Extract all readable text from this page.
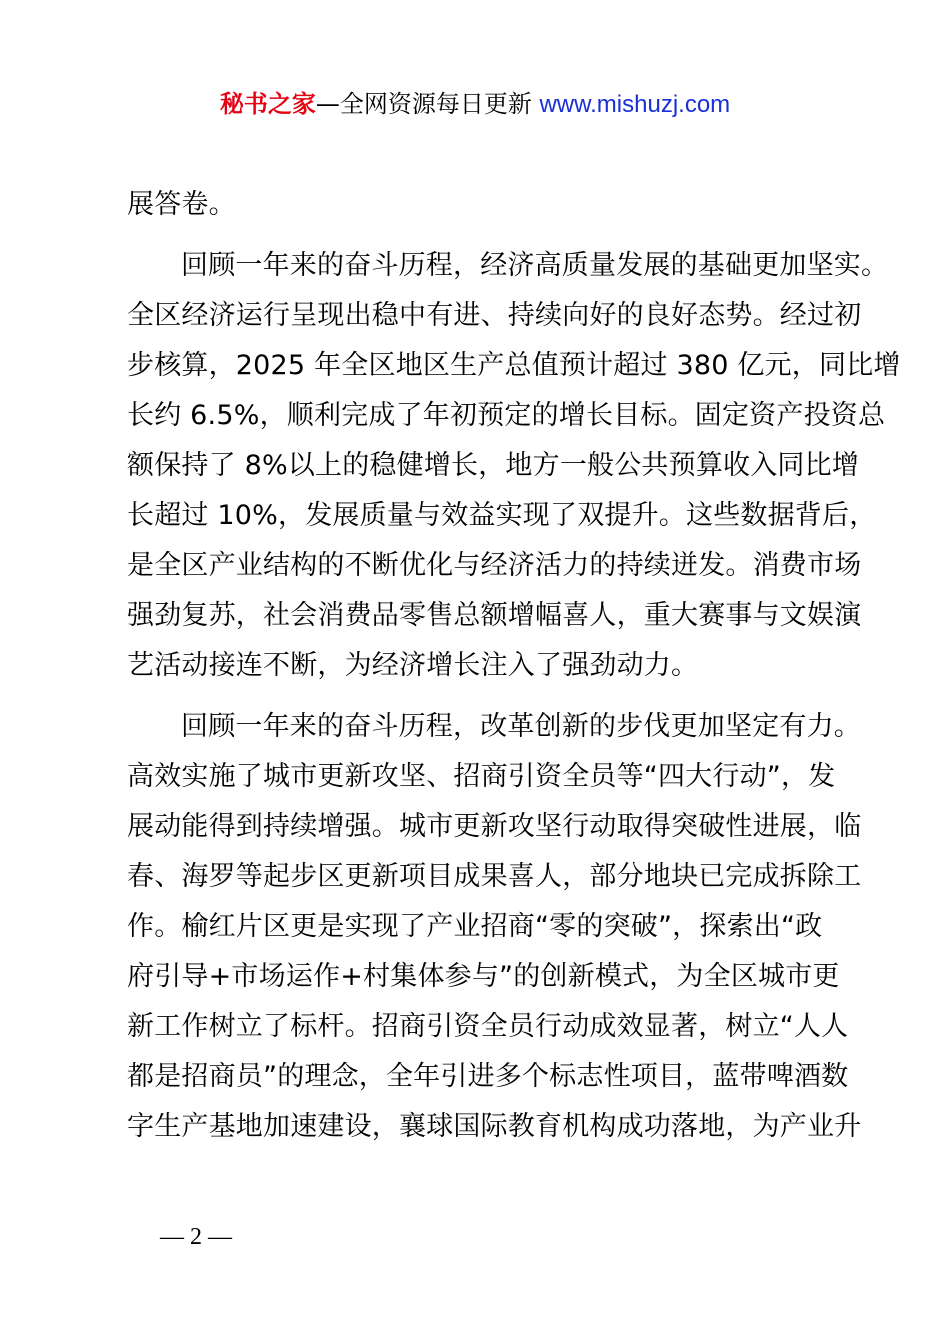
秘书之家—全网资源每日更新 www.mishuzj.com
展答卷。
回顾一年来的奋斗历程，经济高质量发展的基础更加坚实。
全区经济运行呈现出稳中有进、持续向好的良好态势。经过初
步核算，2025 年全区地区生产总值预计超过 380 亿元，同比增
长约 6.5%，顺利完成了年初预定的增长目标。固定资产投资总
额保持了 8%以上的稳健增长，地方一般公共预算收入同比增
长超过 10%，发展质量与效益实现了双提升。这些数据背后，
是全区产业结构的不断优化与经济活力的持续迸发。消费市场
强劲复苏，社会消费品零售总额增幅喜人，重大赛事与文娱演
艺活动接连不断，为经济增长注入了强劲动力。
回顾一年来的奋斗历程，改革创新的步伐更加坚定有力。
高效实施了城市更新攻坚、招商引资全员等“四大行动”，发
展动能得到持续增强。城市更新攻坚行动取得突破性进展，临
春、海罗等起步区更新项目成果喜人，部分地块已完成拆除工
作。榆红片区更是实现了产业招商“零的突破”，探索出“政
府引导+市场运作+村集体参与”的创新模式，为全区城市更
新工作树立了标杆。招商引资全员行动成效显著，树立“人人
都是招商员”的理念，全年引进多个标志性项目，蓝带啤酒数
字生产基地加速建设，襄球国际教育机构成功落地，为产业升
— 2 —
